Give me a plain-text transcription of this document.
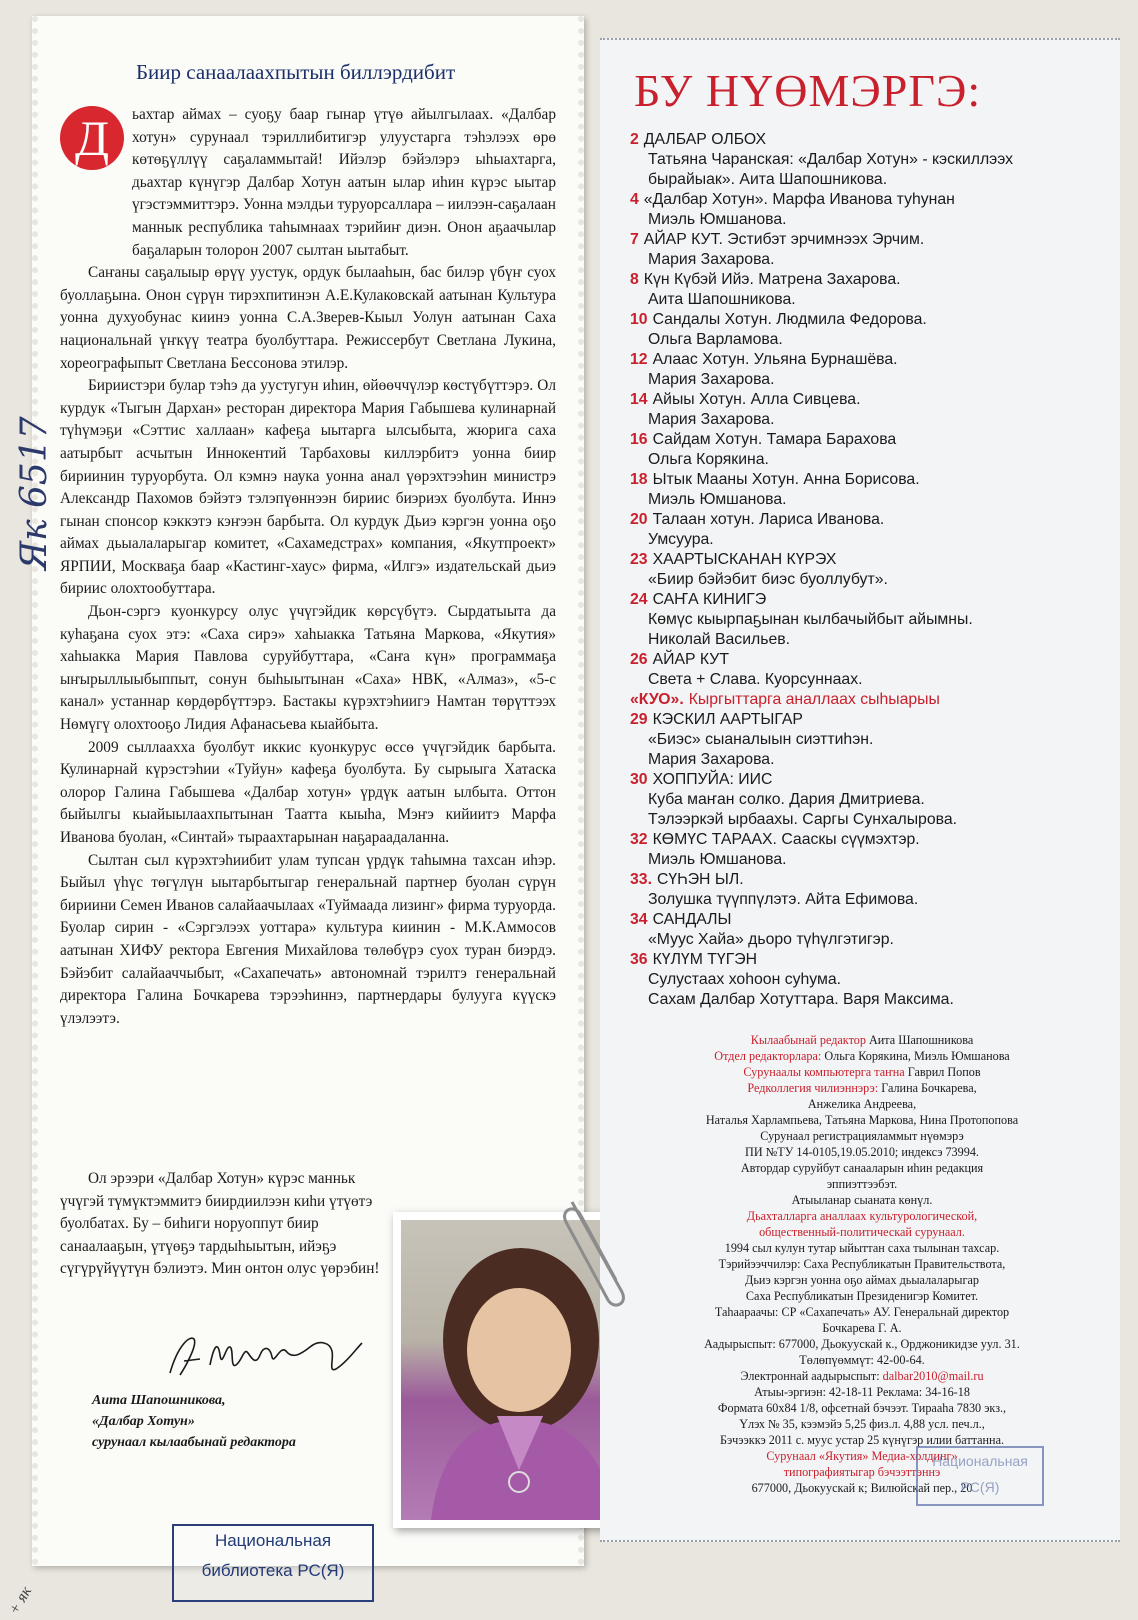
Биир санаалаахпытын биллэрдибит
Д	ьахтар аймах – суоҕу баар гынар үтүө айылгылаах. «Далбар хотун» сурунаал тэриллибитигэр улуустарга тэһэлээх өрө көтөҕүллүү саҕаламмытай! Ийэлэр бэйэлэрэ ыһыахтарга, дьахтар күнүгэр Далбар Хотун аатын ылар иһин күрэс ыытар үгэстэммиттэрэ. Уонна мэлдьи туруорсаллара – иилээн-саҕалаан маннык республика таһымнаах тэрийиҥ диэн. Онон аҕаачылар баҕаларын толорон 2007 сылтан ыытабыт.

Саҥаны саҕалыыр өрүү уустук, ордук былааһын, бас билэр үбүҥ суох буоллаҕына. Онон сүрүн тирэхпитинэн А.Е.Кулаковскай аатынан Культура уонна духуобунас киинэ уонна С.А.Зверев-Кыыл Уолун аатынан Саха национальнай үҥкүү театра буолбуттара. Режиссербут Светлана Лукина, хореографыпыт Светлана Бессонова этилэр.

Бириистэри булар тэһэ да уустугун иһин, өйөөччүлэр көстүбүттэрэ. Ол курдук «Тыгын Дархан» ресторан директора Мария Габышева кулинарнай түһүмэҕи «Сэттис халлаан» кафеҕа ыытарга ылсыбыта, жюрига саха аатырбыт асчытын Иннокентий Тарбаховы киллэрбитэ уонна биир бириинин туруорбута. Ол кэмнэ наука уонна анал үөрэхтээһин министрэ Александр Пахомов бэйэтэ тэлэпүөннээн бириис биэриэх буолбута. Иннэ гынан спонсор кэккэтэ кэҥээн барбыта. Ол курдук Дьиэ кэргэн уонна оҕо аймах дьыалаларыгар комитет, «Сахамедстрах» компания, «Якутпроект» ЯРПИИ, Москваҕа баар «Кастинг-хаус» фирма, «Илгэ» издательскай дьиэ бириис олохтообуттара.

Дьон-сэргэ куонкурсу олус үчүгэйдик көрсүбүтэ. Сырдатыыта да куһаҕана суох этэ: «Саха сирэ» хаһыакка Татьяна Маркова, «Якутия» хаһыакка Мария Павлова суруйбуттара, «Саҥа күн» программаҕа ыҥырыллыыбыппыт, сонун быһыытынан «Саха» НВК, «Алмаз», «5-с канал» устаннар көрдөрбүттэрэ. Бастакы күрэхтэһиигэ Намтан төрүттээх Нөмүгү олохтооҕо Лидия Афанасьева кыайбыта.

2009 сыллааххa буолбут иккис куонкурус өссө үчүгэйдик барбыта. Кулинарнай күрэстэһии «Туйун» кафеҕа буолбута. Бу сырыыга Хатаска олорор Галина Габышева «Далбар хотун» үрдүк аатын ылбыта. Оттон быйылгы кыайыылаахпытынан Таатта кыыһа, Мэҥэ кийиитэ Марфа Иванова буолан, «Синтай» тыраахтарынан наҕараадаланна.

Сылтан сыл күрэхтэһиибит улам тупсан үрдүк таһымна тахсан иһэр. Быйыл үһүс төгүлүн ыытарбытыгар генеральнай партнер буолан сүрүн бириини Семен Иванов салайаачылаах «Туймаада лизинг» фирма туруорда. Буолар сирин - «Сэргэлээх уоттара» культура киинин - М.К.Аммосов аатынан ХИФУ ректора Евгения Михайлова төлөбүрэ суох туран биэрдэ. Бэйэбит салайааччыбыт, «Сахапечать» автономнай тэрилтэ генеральнай директора Галина Бочкарева тэрээһиннэ, партнердары булууга күүскэ үлэлээтэ.

Ол эрээри «Далбар Хотун» күрэс манньк үчүгэй түмүктэммитэ биирдиилээн киһи үтүөтэ буолбатах. Бу – биһиги норуоппут биир санаалааҕын, үтүөҕэ тардыһыытын, ийэҕэ сүгүрүйүүтүн бэлиэтэ. Мин онтон олус үөрэбин!

Аита Шапошникова,
«Далбар Хотун»
сурунаал кылаабынай редактора
Национальная
библиотека РС(Я)
Як 6517
+ як
БУ НҮӨМЭРГЭ:
2 ДАЛБАР ОЛБОХ
Татьяна Чаранская: «Далбар Хотун» - кэскиллээх бырайыак». Аита Шапошникова.
4 «Далбар Хотун». Марфа Иванова туһунан
Миэль Юмшанова.
7 АЙАР КУТ. Эстибэт эрчимнээх Эрчим.
Мария Захарова.
8 Күн Күбэй Ийэ. Матрена Захарова.
Аита Шапошникова.
10 Сандалы Хотун. Людмила Федорова.
Ольга Варламова.
12 Алаас Хотун. Ульяна Бурнашёва.
Мария Захарова.
14 Айыы Хотун. Алла Сивцева.
Мария Захарова.
16 Сайдам Хотун. Тамара Барахова
Ольга Корякина.
18 Ытык Мааны Хотун. Анна Борисова.
Миэль Юмшанова.
20 Талаан хотун. Лариса Иванова.
Умсуура.
23 ХААРТЫСКАНАН КҮРЭХ
«Биир бэйэбит биэс буоллубут».
24 САҤА КИНИГЭ
Көмүс кыырпаҕынан кылбачыйбыт айымны.
Николай Васильев.
26 АЙАР КУТ
Света + Слава. Куорсуннаах.
«КУО». Кыргыттарга аналлаах сыһыарыы
29 КЭСКИЛ ААРТЫГАР
«Биэс» сыаналыын сиэттиһэн.
Мария Захарова.
30 ХОППУЙА: ИИС
Куба маҥан солко. Дария Дмитриева.
Тэлээркэй ырбаахы. Саргы Сунхалырова.
32 КӨМҮС ТАРААХ. Сааскы сүүмэхтэр.
Миэль Юмшанова.
33. СҮҺЭН ЫЛ.
Золушка түүппүлэтэ. Айта Ефимова.
34 САНДАЛЫ
«Муус Хайа» дьоро түһүлгэтигэр.
36 КҮЛҮМ ТҮГЭН
Сулустаах хоһоон суһума.
Сахам Далбар Хотуттара. Варя Максима.
Кылаабынай редактор Аита Шапошникова
Отдел редакторлара: Ольга Корякина, Миэль Юмшанова
Сурунаалы компьютерга таҥна Гаврил Попов
Редколлегия чилиэннэрэ: Галина Бочкарева,
Анжелика Андреева,
Наталья Харлампьева, Татьяна Маркова, Нина Протопопова
Сурунаал регистрацияламмыт нүөмэрэ
ПИ №ТУ 14-0105,19.05.2010; индексэ 73994.
Автордар суруйбут санааларын иһин редакция
эппиэттээбэт.
Атыыланар сыаната көнүл.
Дьахталларга аналлаах культурологической,
общественный-политическай сурунаал.
1994 сыл кулун тутар ыйыттан саха тылынан тахсар.
Тэрийээччилэр: Саха Республикатын Правительствота,
Дьиэ кэргэн уонна оҕо аймах дьыалаларыгар
Саха Республикатын Президенигэр Комитет.
Таһаараачы: СР «Сахапечать» АУ. Генеральнай директор
Бочкарева Г. А.
Аадырыспыт: 677000, Дьокуускай к., Орджоникидзе уул. 31.
Төлөпүөммүт: 42-00-64.
Электроннай аадырыспыт: dalbar2010@mail.ru
Атыы-эргиэн: 42-18-11 Реклама: 34-16-18
Формата 60х84 1/8, офсетнай бэчээт. Тирааһа 7830 экз.,
Үлэх № 35, кээмэйэ 5,25 физ.л. 4,88 усл. печ.л.,
Бэчээккэ 2011 с. муус устар 25 күнүгэр илии баттанна.
Сурунаал «Якутия» Медиа-холдинг»
типографиятыгар бэчээттэннэ
677000, Дьокуускай к; Вилюйскай пер., 20
Национальная
РС(Я)
